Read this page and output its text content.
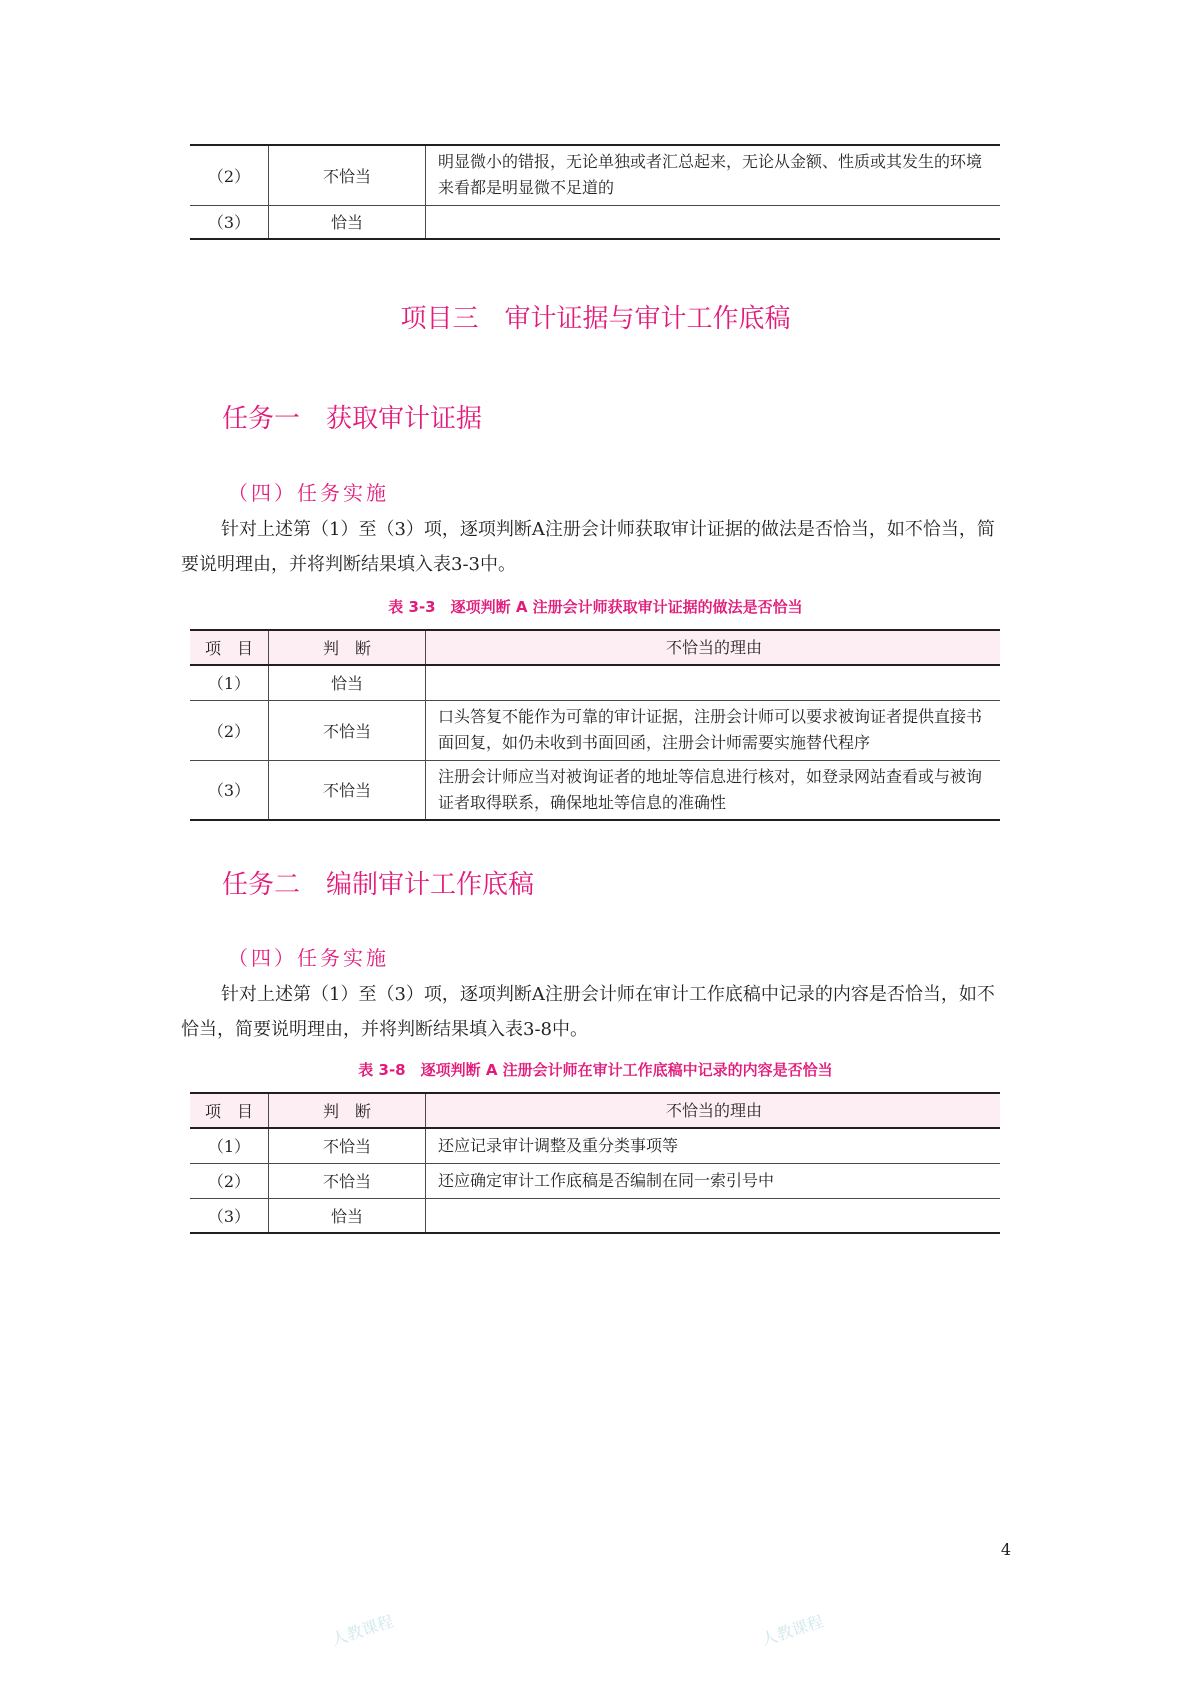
（2）	不恰当	明显微小的错报，无论单独或者汇总起来，无论从金额、性质或其发生的环境来看都是明显微不足道的
（3）	恰当	
项目三　审计证据与审计工作底稿
任务一　获取审计证据
（四）任务实施

针对上述第（1）至（3）项，逐项判断A注册会计师获取审计证据的做法是否恰当，如不恰当，简要说明理由，并将判断结果填入表3-3中。

表 3-3　逐项判断 A 注册会计师获取审计证据的做法是否恰当
项　目	判　断	不恰当的理由
（1）	恰当	
（2）	不恰当	口头答复不能作为可靠的审计证据，注册会计师可以要求被询证者提供直接书面回复，如仍未收到书面回函，注册会计师需要实施替代程序
（3）	不恰当	注册会计师应当对被询证者的地址等信息进行核对，如登录网站查看或与被询证者取得联系，确保地址等信息的准确性
任务二　编制审计工作底稿
（四）任务实施

针对上述第（1）至（3）项，逐项判断A注册会计师在审计工作底稿中记录的内容是否恰当，如不恰当，简要说明理由，并将判断结果填入表3-8中。

表 3-8　逐项判断 A 注册会计师在审计工作底稿中记录的内容是否恰当
项　目	判　断	不恰当的理由
（1）	不恰当	还应记录审计调整及重分类事项等
（2）	不恰当	还应确定审计工作底稿是否编制在同一索引号中
（3）	恰当	
4
人教课程	人教课程
